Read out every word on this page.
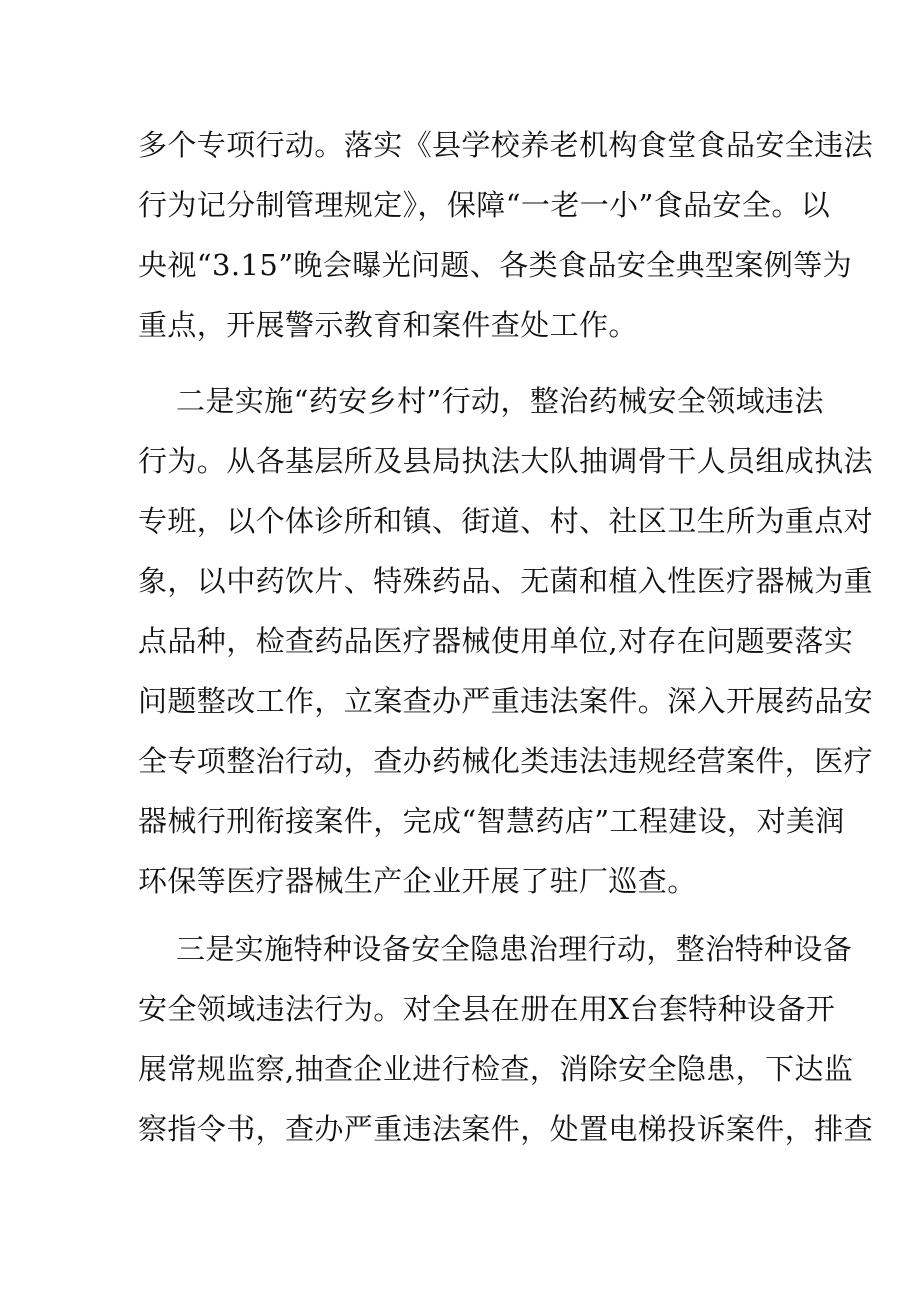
多个专项行动。落实《县学校养老机构食堂食品安全违法

行为记分制管理规定》，保障“一老一小”食品安全。以

央视“3.15”晚会曝光问题、各类食品安全典型案例等为

重点，开展警示教育和案件查处工作。

二是实施“药安乡村”行动，整治药械安全领域违法

行为。从各基层所及县局执法大队抽调骨干人员组成执法

专班，以个体诊所和镇、街道、村、社区卫生所为重点对

象，以中药饮片、特殊药品、无菌和植入性医疗器械为重

点品种，检查药品医疗器械使用单位,对存在问题要落实

问题整改工作，立案查办严重违法案件。深入开展药品安

全专项整治行动，查办药械化类违法违规经营案件，医疗

器械行刑衔接案件，完成“智慧药店”工程建设，对美润

环保等医疗器械生产企业开展了驻厂巡查。

三是实施特种设备安全隐患治理行动，整治特种设备

安全领域违法行为。对全县在册在用X台套特种设备开

展常规监察,抽查企业进行检查，消除安全隐患，下达监

察指令书，查办严重违法案件，处置电梯投诉案件，排查
